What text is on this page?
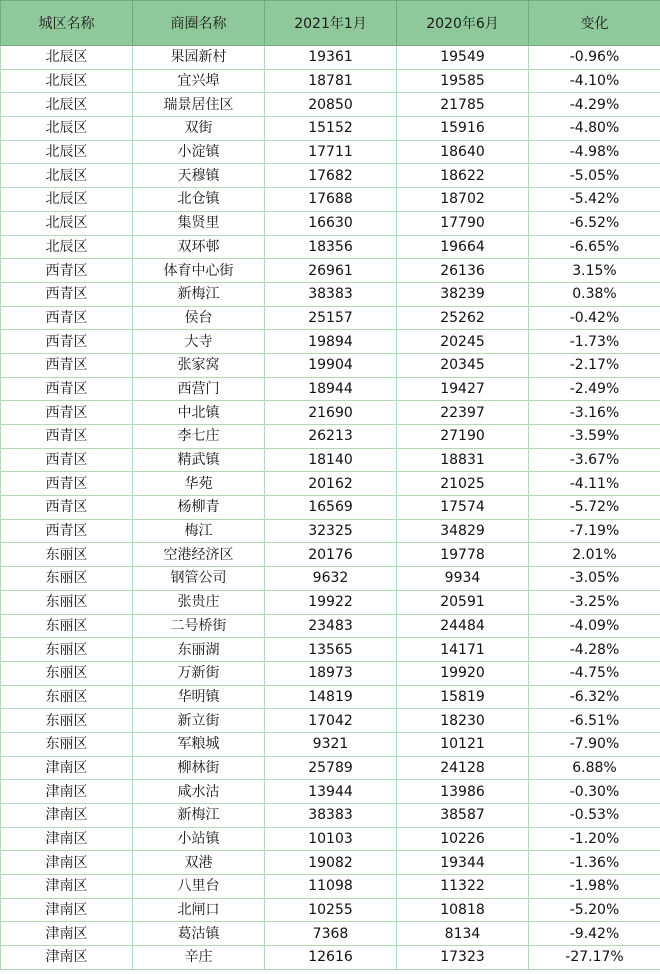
城区名称	商圈名称	2021年1月	2020年6月	变化
北辰区	果园新村	19361	19549	-0.96%
北辰区	宜兴埠	18781	19585	-4.10%
北辰区	瑞景居住区	20850	21785	-4.29%
北辰区	双街	15152	15916	-4.80%
北辰区	小淀镇	17711	18640	-4.98%
北辰区	天穆镇	17682	18622	-5.05%
北辰区	北仓镇	17688	18702	-5.42%
北辰区	集贤里	16630	17790	-6.52%
北辰区	双环邨	18356	19664	-6.65%
西青区	体育中心街	26961	26136	3.15%
西青区	新梅江	38383	38239	0.38%
西青区	侯台	25157	25262	-0.42%
西青区	大寺	19894	20245	-1.73%
西青区	张家窝	19904	20345	-2.17%
西青区	西营门	18944	19427	-2.49%
西青区	中北镇	21690	22397	-3.16%
西青区	李七庄	26213	27190	-3.59%
西青区	精武镇	18140	18831	-3.67%
西青区	华苑	20162	21025	-4.11%
西青区	杨柳青	16569	17574	-5.72%
西青区	梅江	32325	34829	-7.19%
东丽区	空港经济区	20176	19778	2.01%
东丽区	钢管公司	9632	9934	-3.05%
东丽区	张贵庄	19922	20591	-3.25%
东丽区	二号桥街	23483	24484	-4.09%
东丽区	东丽湖	13565	14171	-4.28%
东丽区	万新街	18973	19920	-4.75%
东丽区	华明镇	14819	15819	-6.32%
东丽区	新立街	17042	18230	-6.51%
东丽区	军粮城	9321	10121	-7.90%
津南区	柳林街	25789	24128	6.88%
津南区	咸水沽	13944	13986	-0.30%
津南区	新梅江	38383	38587	-0.53%
津南区	小站镇	10103	10226	-1.20%
津南区	双港	19082	19344	-1.36%
津南区	八里台	11098	11322	-1.98%
津南区	北闸口	10255	10818	-5.20%
津南区	葛沽镇	7368	8134	-9.42%
津南区	辛庄	12616	17323	-27.17%
